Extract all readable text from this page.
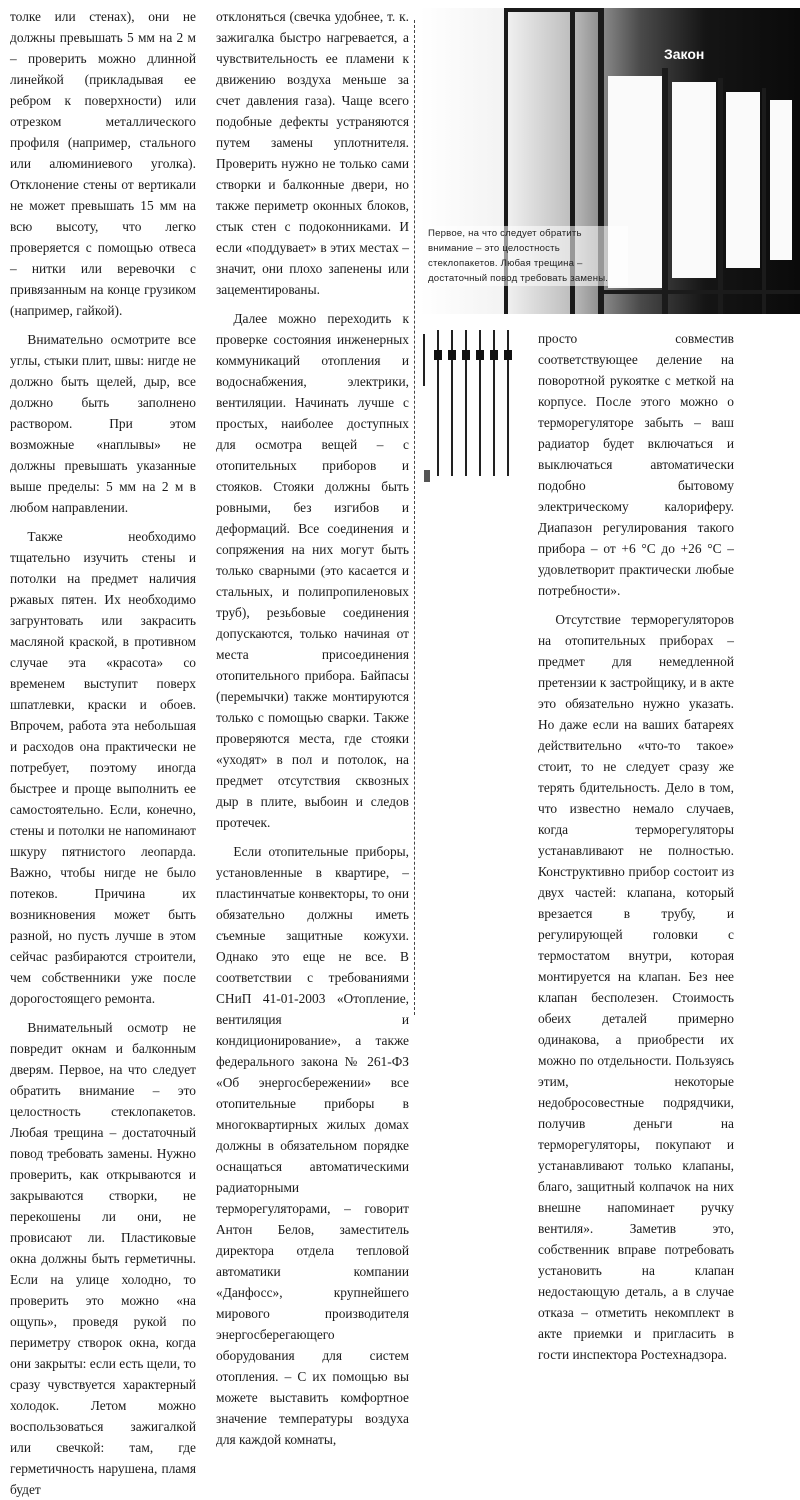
толке или стенах), они не должны превышать 5 мм на 2 м – проверить можно длинной линейкой (прикладывая ее ребром к поверхности) или отрезком металлического профиля (например, стального или алюминиевого уголка). Отклонение стены от вертикали не может превышать 15 мм на всю высоту, что легко проверяется с помощью отвеса – нитки или веревочки с привязанным на конце грузиком (например, гайкой).

Внимательно осмотрите все углы, стыки плит, швы: нигде не должно быть щелей, дыр, все должно быть заполнено раствором. При этом возможные «наплывы» не должны превышать указанные выше пределы: 5 мм на 2 м в любом направлении.

Также необходимо тщательно изучить стены и потолки на предмет наличия ржавых пятен. Их необходимо загрунтовать или закрасить масляной краской, в противном случае эта «красота» со временем выступит поверх шпатлевки, краски и обоев. Впрочем, работа эта небольшая и расходов она практически не потребует, поэтому иногда быстрее и проще выполнить ее самостоятельно. Если, конечно, стены и потолки не напоминают шкуру пятнистого леопарда. Важно, чтобы нигде не было потеков. Причина их возникновения может быть разной, но пусть лучше в этом сейчас разбираются строители, чем собственники уже после дорогостоящего ремонта.

Внимательный осмотр не повредит окнам и балконным дверям. Первое, на что следует обратить внимание – это целостность стеклопакетов. Любая трещина – достаточный повод требовать замены. Нужно проверить, как открываются и закрываются створки, не перекошены ли они, не провисают ли. Пластиковые окна должны быть герметичны. Если на улице холодно, то проверить это можно «на ощупь», проведя рукой по периметру створок окна, когда они закрыты: если есть щели, то сразу чувствуется характерный холодок. Летом можно воспользоваться зажигалкой или свечкой: там, где герметичность нарушена, пламя будет

отклоняться (свечка удобнее, т. к. зажигалка быстро нагревается, а чувствительность ее пламени к движению воздуха меньше за счет давления газа). Чаще всего подобные дефекты устраняются путем замены уплотнителя. Проверить нужно не только сами створки и балконные двери, но также периметр оконных блоков, стык стен с подоконниками. И если «поддувает» в этих местах – значит, они плохо запенены или зацементированы.

Далее можно переходить к проверке состояния инженерных коммуникаций отопления и водоснабжения, электрики, вентиляции. Начинать лучше с простых, наиболее доступных для осмотра вещей – с отопительных приборов и стояков. Стояки должны быть ровными, без изгибов и деформаций. Все соединения и сопряжения на них могут быть только сварными (это касается и стальных, и полипропиленовых труб), резьбовые соединения допускаются, только начиная от места присоединения отопительного прибора. Байпасы (перемычки) также монтируются только с помощью сварки. Также проверяются места, где стояки «уходят» в пол и потолок, на предмет отсутствия сквозных дыр в плите, выбоин и следов протечек.

Если отопительные приборы, установленные в квартире, – пластинчатые конвекторы, то они обязательно должны иметь съемные защитные кожухи. Однако это еще не все. В соответствии с требованиями СНиП 41-01-2003 «Отопление, вентиляция и кондиционирование», а также федерального закона № 261-ФЗ «Об энергосбережении» все отопительные приборы в многоквартирных жилых домах должны в обязательном порядке оснащаться автоматическими радиаторными терморегуляторами, – говорит Антон Белов, заместитель директора отдела тепловой автоматики компании «Данфосс», крупнейшего мирового производителя энергосберегающего оборудования для систем отопления. – С их помощью вы можете выставить комфортное значение температуры воздуха для каждой комнаты,

Закон
Первое, на что следует обратить внимание – это целостность стеклопакетов. Любая трещина – достаточный повод требовать замены.

просто совместив соответствующее деление на поворотной рукоятке с меткой на корпусе. После этого можно о терморегуляторе забыть – ваш радиатор будет включаться и выключаться автоматически подобно бытовому электрическому калориферу. Диапазон регулирования такого прибора – от +6 °С до +26 °С – удовлетворит практически любые потребности».

Отсутствие терморегуляторов на отопительных приборах – предмет для немедленной претензии к застройщику, и в акте это обязательно нужно указать. Но даже если на ваших батареях действительно «что-то такое» стоит, то не следует сразу же терять бдительность. Дело в том, что известно немало случаев, когда терморегуляторы устанавливают не полностью. Конструктивно прибор состоит из двух частей: клапана, который врезается в трубу, и регулирующей головки с термостатом внутри, которая монтируется на клапан. Без нее клапан бесполезен. Стоимость обеих деталей примерно одинакова, а приобрести их можно по отдельности. Пользуясь этим, некоторые недобросовестные подрядчики, получив деньги на терморегуляторы, покупают и устанавливают только клапаны, благо, защитный колпачок на них внешне напоминает ручку вентиля». Заметив это, собственник вправе потребовать установить на клапан недостающую деталь, а в случае отказа – отметить некомплект в акте приемки и пригласить в гости инспектора Ростехнадзора.
